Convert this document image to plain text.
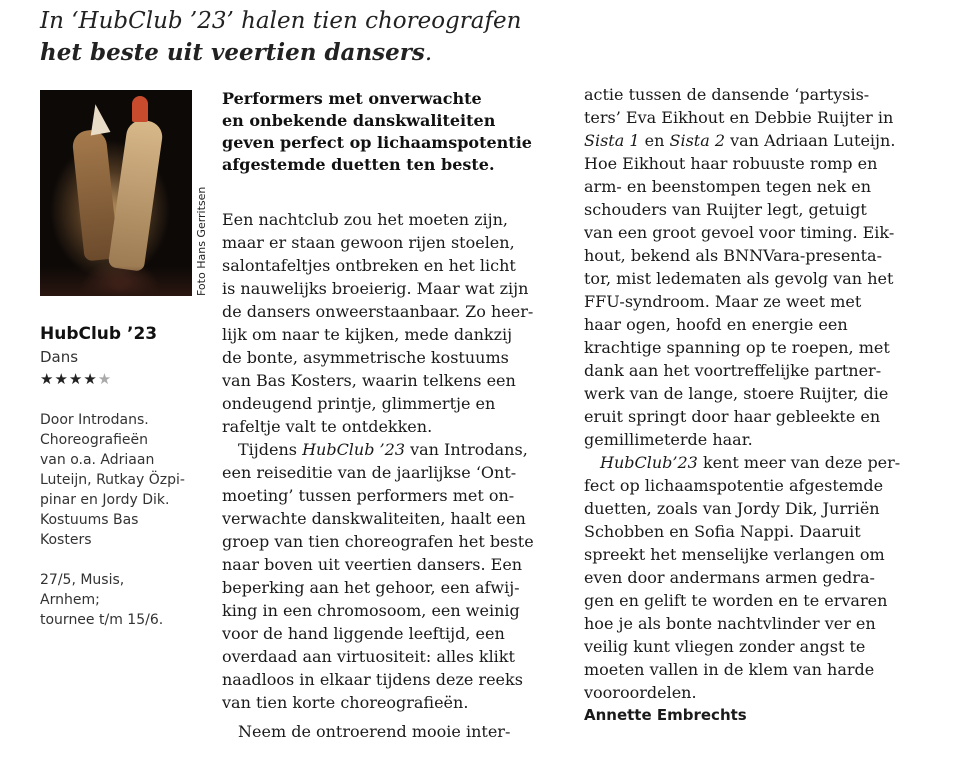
In ‘HubClub ’23’ halen tien choreografen
het beste uit veertien dansers.
Foto Hans Gerritsen
HubClub ’23
Dans
★★★★★
Door Introdans.
Choreografieën
van o.a. Adriaan
Luteijn, Rutkay Özpi-
pinar en Jordy Dik.
Kostuums Bas
Kosters
27/5, Musis,
Arnhem;
tournee t/m 15/6.
Performers met onverwachte
en onbekende danskwaliteiten
geven perfect op lichaamspotentie
afgestemde duetten ten beste.
Een nachtclub zou het moeten zijn,
maar er staan gewoon rijen stoelen,
salontafeltjes ontbreken en het licht
is nauwelijks broeierig. Maar wat zijn
de dansers onweerstaanbaar. Zo heer-
lijk om naar te kijken, mede dankzij
de bonte, asymmetrische kostuums
van Bas Kosters, waarin telkens een
ondeugend printje, glimmertje en
rafeltje valt te ontdekken.
Tijdens HubClub ’23 van Introdans,
een reiseditie van de jaarlijkse ‘Ont-
moeting’ tussen performers met on-
verwachte danskwaliteiten, haalt een
groep van tien choreografen het beste
naar boven uit veertien dansers. Een
beperking aan het gehoor, een afwij-
king in een chromosoom, een weinig
voor de hand liggende leeftijd, een
overdaad aan virtuositeit: alles klikt
naadloos in elkaar tijdens deze reeks
van tien korte choreografieën.
Neem de ontroerend mooie inter-
actie tussen de dansende ‘partysis-
ters’ Eva Eikhout en Debbie Ruijter in
Sista 1 en Sista 2 van Adriaan Luteijn.
Hoe Eikhout haar robuuste romp en
arm- en beenstompen tegen nek en
schouders van Ruijter legt, getuigt
van een groot gevoel voor timing. Eik-
hout, bekend als BNNVara-presenta-
tor, mist ledematen als gevolg van het
FFU-syndroom. Maar ze weet met
haar ogen, hoofd en energie een
krachtige spanning op te roepen, met
dank aan het voortreffelijke partner-
werk van de lange, stoere Ruijter, die
eruit springt door haar gebleekte en
gemillimeterde haar.
HubClub’23 kent meer van deze per-
fect op lichaamspotentie afgestemde
duetten, zoals van Jordy Dik, Jurriën
Schobben en Sofia Nappi. Daaruit
spreekt het menselijke verlangen om
even door andermans armen gedra-
gen en gelift te worden en te ervaren
hoe je als bonte nachtvlinder ver en
veilig kunt vliegen zonder angst te
moeten vallen in de klem van harde
vooroordelen.
Annette Embrechts
